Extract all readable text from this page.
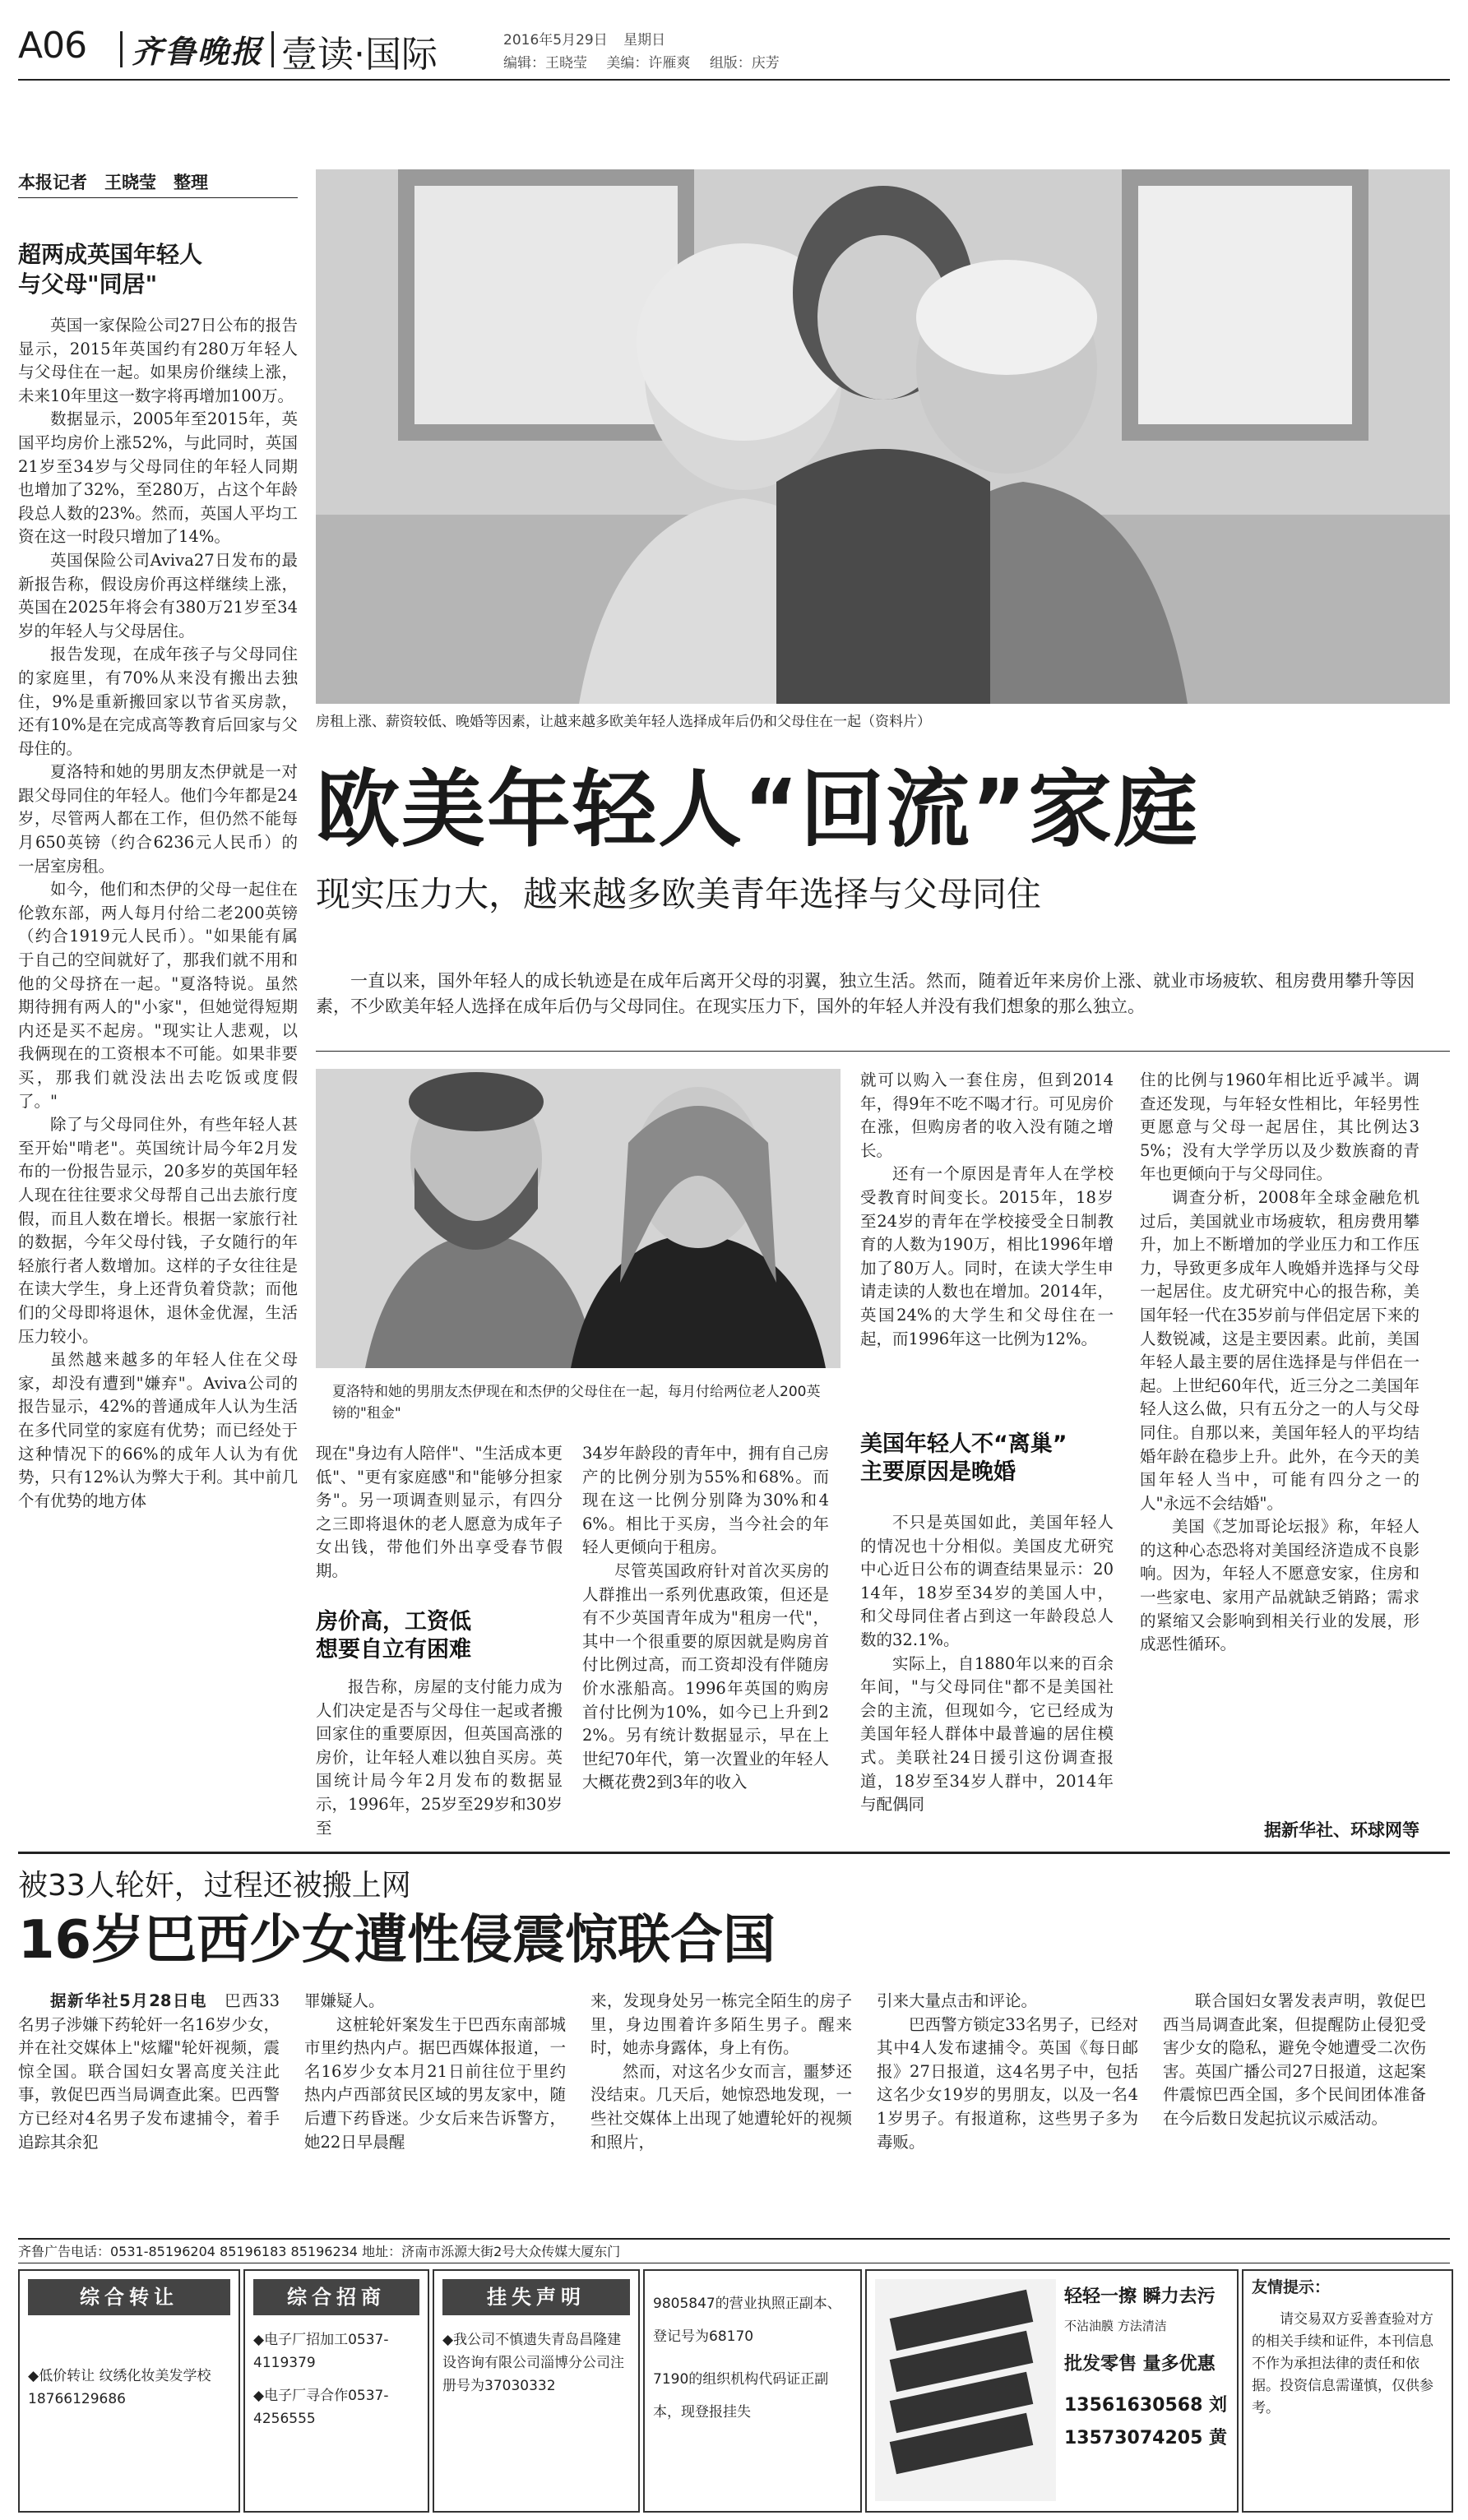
A06 齐鲁晚报 壹读·国际	2016年5月29日 星期日
编辑：王晓莹 美编：许雁爽 组版：庆芳
本报记者　王晓莹　整理
超两成英国年轻人
与父母"同居"

英国一家保险公司27日公布的报告显示，2015年英国约有280万年轻人与父母住在一起。如果房价继续上涨，未来10年里这一数字将再增加100万。

数据显示，2005年至2015年，英国平均房价上涨52%，与此同时，英国21岁至34岁与父母同住的年轻人同期也增加了32%，至280万，占这个年龄段总人数的23%。然而，英国人平均工资在这一时段只增加了14%。

英国保险公司Aviva27日发布的最新报告称，假设房价再这样继续上涨，英国在2025年将会有380万21岁至34岁的年轻人与父母居住。

报告发现，在成年孩子与父母同住的家庭里，有70%从来没有搬出去独住，9%是重新搬回家以节省买房款，还有10%是在完成高等教育后回家与父母住的。

夏洛特和她的男朋友杰伊就是一对跟父母同住的年轻人。他们今年都是24岁，尽管两人都在工作，但仍然不能每月650英镑（约合6236元人民币）的一居室房租。

如今，他们和杰伊的父母一起住在伦敦东部，两人每月付给二老200英镑（约合1919元人民币）。"如果能有属于自己的空间就好了，那我们就不用和他的父母挤在一起。"夏洛特说。虽然期待拥有两人的"小家"，但她觉得短期内还是买不起房。"现实让人悲观，以我俩现在的工资根本不可能。如果非要买，那我们就没法出去吃饭或度假了。"

除了与父母同住外，有些年轻人甚至开始"啃老"。英国统计局今年2月发布的一份报告显示，20多岁的英国年轻人现在往往要求父母帮自己出去旅行度假，而且人数在增长。根据一家旅行社的数据，今年父母付钱，子女随行的年轻旅行者人数增加。这样的子女往往是在读大学生，身上还背负着贷款；而他们的父母即将退休，退休金优渥，生活压力较小。

虽然越来越多的年轻人住在父母家，却没有遭到"嫌弃"。Aviva公司的报告显示，42%的普通成年人认为生活在多代同堂的家庭有优势；而已经处于这种情况下的66%的成年人认为有优势，只有12%认为弊大于利。其中前几个有优势的地方体

房租上涨、薪资较低、晚婚等因素，让越来越多欧美年轻人选择成年后仍和父母住在一起（资料片）
欧美年轻人“回流”家庭
现实压力大，越来越多欧美青年选择与父母同住

一直以来，国外年轻人的成长轨迹是在成年后离开父母的羽翼，独立生活。然而，随着近年来房价上涨、就业市场疲软、租房费用攀升等因素，不少欧美年轻人选择在成年后仍与父母同住。在现实压力下，国外的年轻人并没有我们想象的那么独立。

夏洛特和她的男朋友杰伊现在和杰伊的父母住在一起，每月付给两位老人200英镑的"租金"

现在"身边有人陪伴"、"生活成本更低"、"更有家庭感"和"能够分担家务"。另一项调查则显示，有四分之三即将退休的老人愿意为成年子女出钱，带他们外出享受春节假期。

房价高，工资低
想要自立有困难

报告称，房屋的支付能力成为人们决定是否与父母住一起或者搬回家住的重要原因，但英国高涨的房价，让年轻人难以独自买房。英国统计局今年2月发布的数据显示，1996年，25岁至29岁和30岁至

34岁年龄段的青年中，拥有自己房产的比例分别为55%和68%。而现在这一比例分别降为30%和46%。相比于买房，当今社会的年轻人更倾向于租房。

尽管英国政府针对首次买房的人群推出一系列优惠政策，但还是有不少英国青年成为"租房一代"，其中一个很重要的原因就是购房首付比例过高，而工资却没有伴随房价水涨船高。1996年英国的购房首付比例为10%，如今已上升到22%。另有统计数据显示，早在上世纪70年代，第一次置业的年轻人大概花费2到3年的收入

就可以购入一套住房，但到2014年，得9年不吃不喝才行。可见房价在涨，但购房者的收入没有随之增长。

还有一个原因是青年人在学校受教育时间变长。2015年，18岁至24岁的青年在学校接受全日制教育的人数为190万，相比1996年增加了80万人。同时，在读大学生申请走读的人数也在增加。2014年，英国24%的大学生和父母住在一起，而1996年这一比例为12%。

美国年轻人不“离巢”
主要原因是晚婚

不只是英国如此，美国年轻人的情况也十分相似。美国皮尤研究中心近日公布的调查结果显示：2014年，18岁至34岁的美国人中，和父母同住者占到这一年龄段总人数的32.1%。

实际上，自1880年以来的百余年间，"与父母同住"都不是美国社会的主流，但现如今，它已经成为美国年轻人群体中最普遍的居住模式。美联社24日援引这份调查报道，18岁至34岁人群中，2014年与配偶同

住的比例与1960年相比近乎减半。调查还发现，与年轻女性相比，年轻男性更愿意与父母一起居住，其比例达35%；没有大学学历以及少数族裔的青年也更倾向于与父母同住。

调查分析，2008年全球金融危机过后，美国就业市场疲软，租房费用攀升，加上不断增加的学业压力和工作压力，导致更多成年人晚婚并选择与父母一起居住。皮尤研究中心的报告称，美国年轻一代在35岁前与伴侣定居下来的人数锐减，这是主要因素。此前，美国年轻人最主要的居住选择是与伴侣在一起。上世纪60年代，近三分之二美国年轻人这么做，只有五分之一的人与父母同住。自那以来，美国年轻人的平均结婚年龄在稳步上升。此外，在今天的美国年轻人当中，可能有四分之一的人"永远不会结婚"。

美国《芝加哥论坛报》称，年轻人的这种心态恐将对美国经济造成不良影响。因为，年轻人不愿意安家，住房和一些家电、家用产品就缺乏销路；需求的紧缩又会影响到相关行业的发展，形成恶性循环。

据新华社、环球网等
被33人轮奸，过程还被搬上网
16岁巴西少女遭性侵震惊联合国

据新华社5月28日电　 巴西33名男子涉嫌下药轮奸一名16岁少女，并在社交媒体上"炫耀"轮奸视频，震惊全国。联合国妇女署高度关注此事，敦促巴西当局调查此案。巴西警方已经对4名男子发布逮捕令，着手追踪其余犯

罪嫌疑人。

这桩轮奸案发生于巴西东南部城市里约热内卢。据巴西媒体报道，一名16岁少女本月21日前往位于里约热内卢西部贫民区域的男友家中，随后遭下药昏迷。少女后来告诉警方，她22日早晨醒

来，发现身处另一栋完全陌生的房子里，身边围着许多陌生男子。醒来时，她赤身露体，身上有伤。

然而，对这名少女而言，噩梦还没结束。几天后，她惊恐地发现，一些社交媒体上出现了她遭轮奸的视频和照片，

引来大量点击和评论。

巴西警方锁定33名男子，已经对其中4人发布逮捕令。英国《每日邮报》27日报道，这4名男子中，包括这名少女19岁的男朋友，以及一名41岁男子。有报道称，这些男子多为毒贩。

联合国妇女署发表声明，敦促巴西当局调查此案，但提醒防止侵犯受害少女的隐私，避免令她遭受二次伤害。英国广播公司27日报道，这起案件震惊巴西全国，多个民间团体准备在今后数日发起抗议示威活动。

齐鲁广告电话：0531-85196204 85196183 85196234 地址：济南市泺源大街2号大众传媒大厦东门
综合转让
◆低价转让 纹绣化妆美发学校18766129686
综合招商
◆电子厂招加工0537-4119379
◆电子厂寻合作0537-4256555
挂失声明
◆我公司不慎遗失青岛昌隆建设咨询有限公司淄博分公司注册号为37030332
9805847的营业执照正副本、登记号为68170
7190的组织机构代码证正副本，现登报挂失
轻轻一擦 瞬力去污
不沾油膜 方法清洁
批发零售 量多优惠
13561630568 刘
13573074205 黄
友情提示：
请交易双方妥善查验对方的相关手续和证件，本刊信息不作为承担法律的责任和依据。投资信息需谨慎，仅供参考。
